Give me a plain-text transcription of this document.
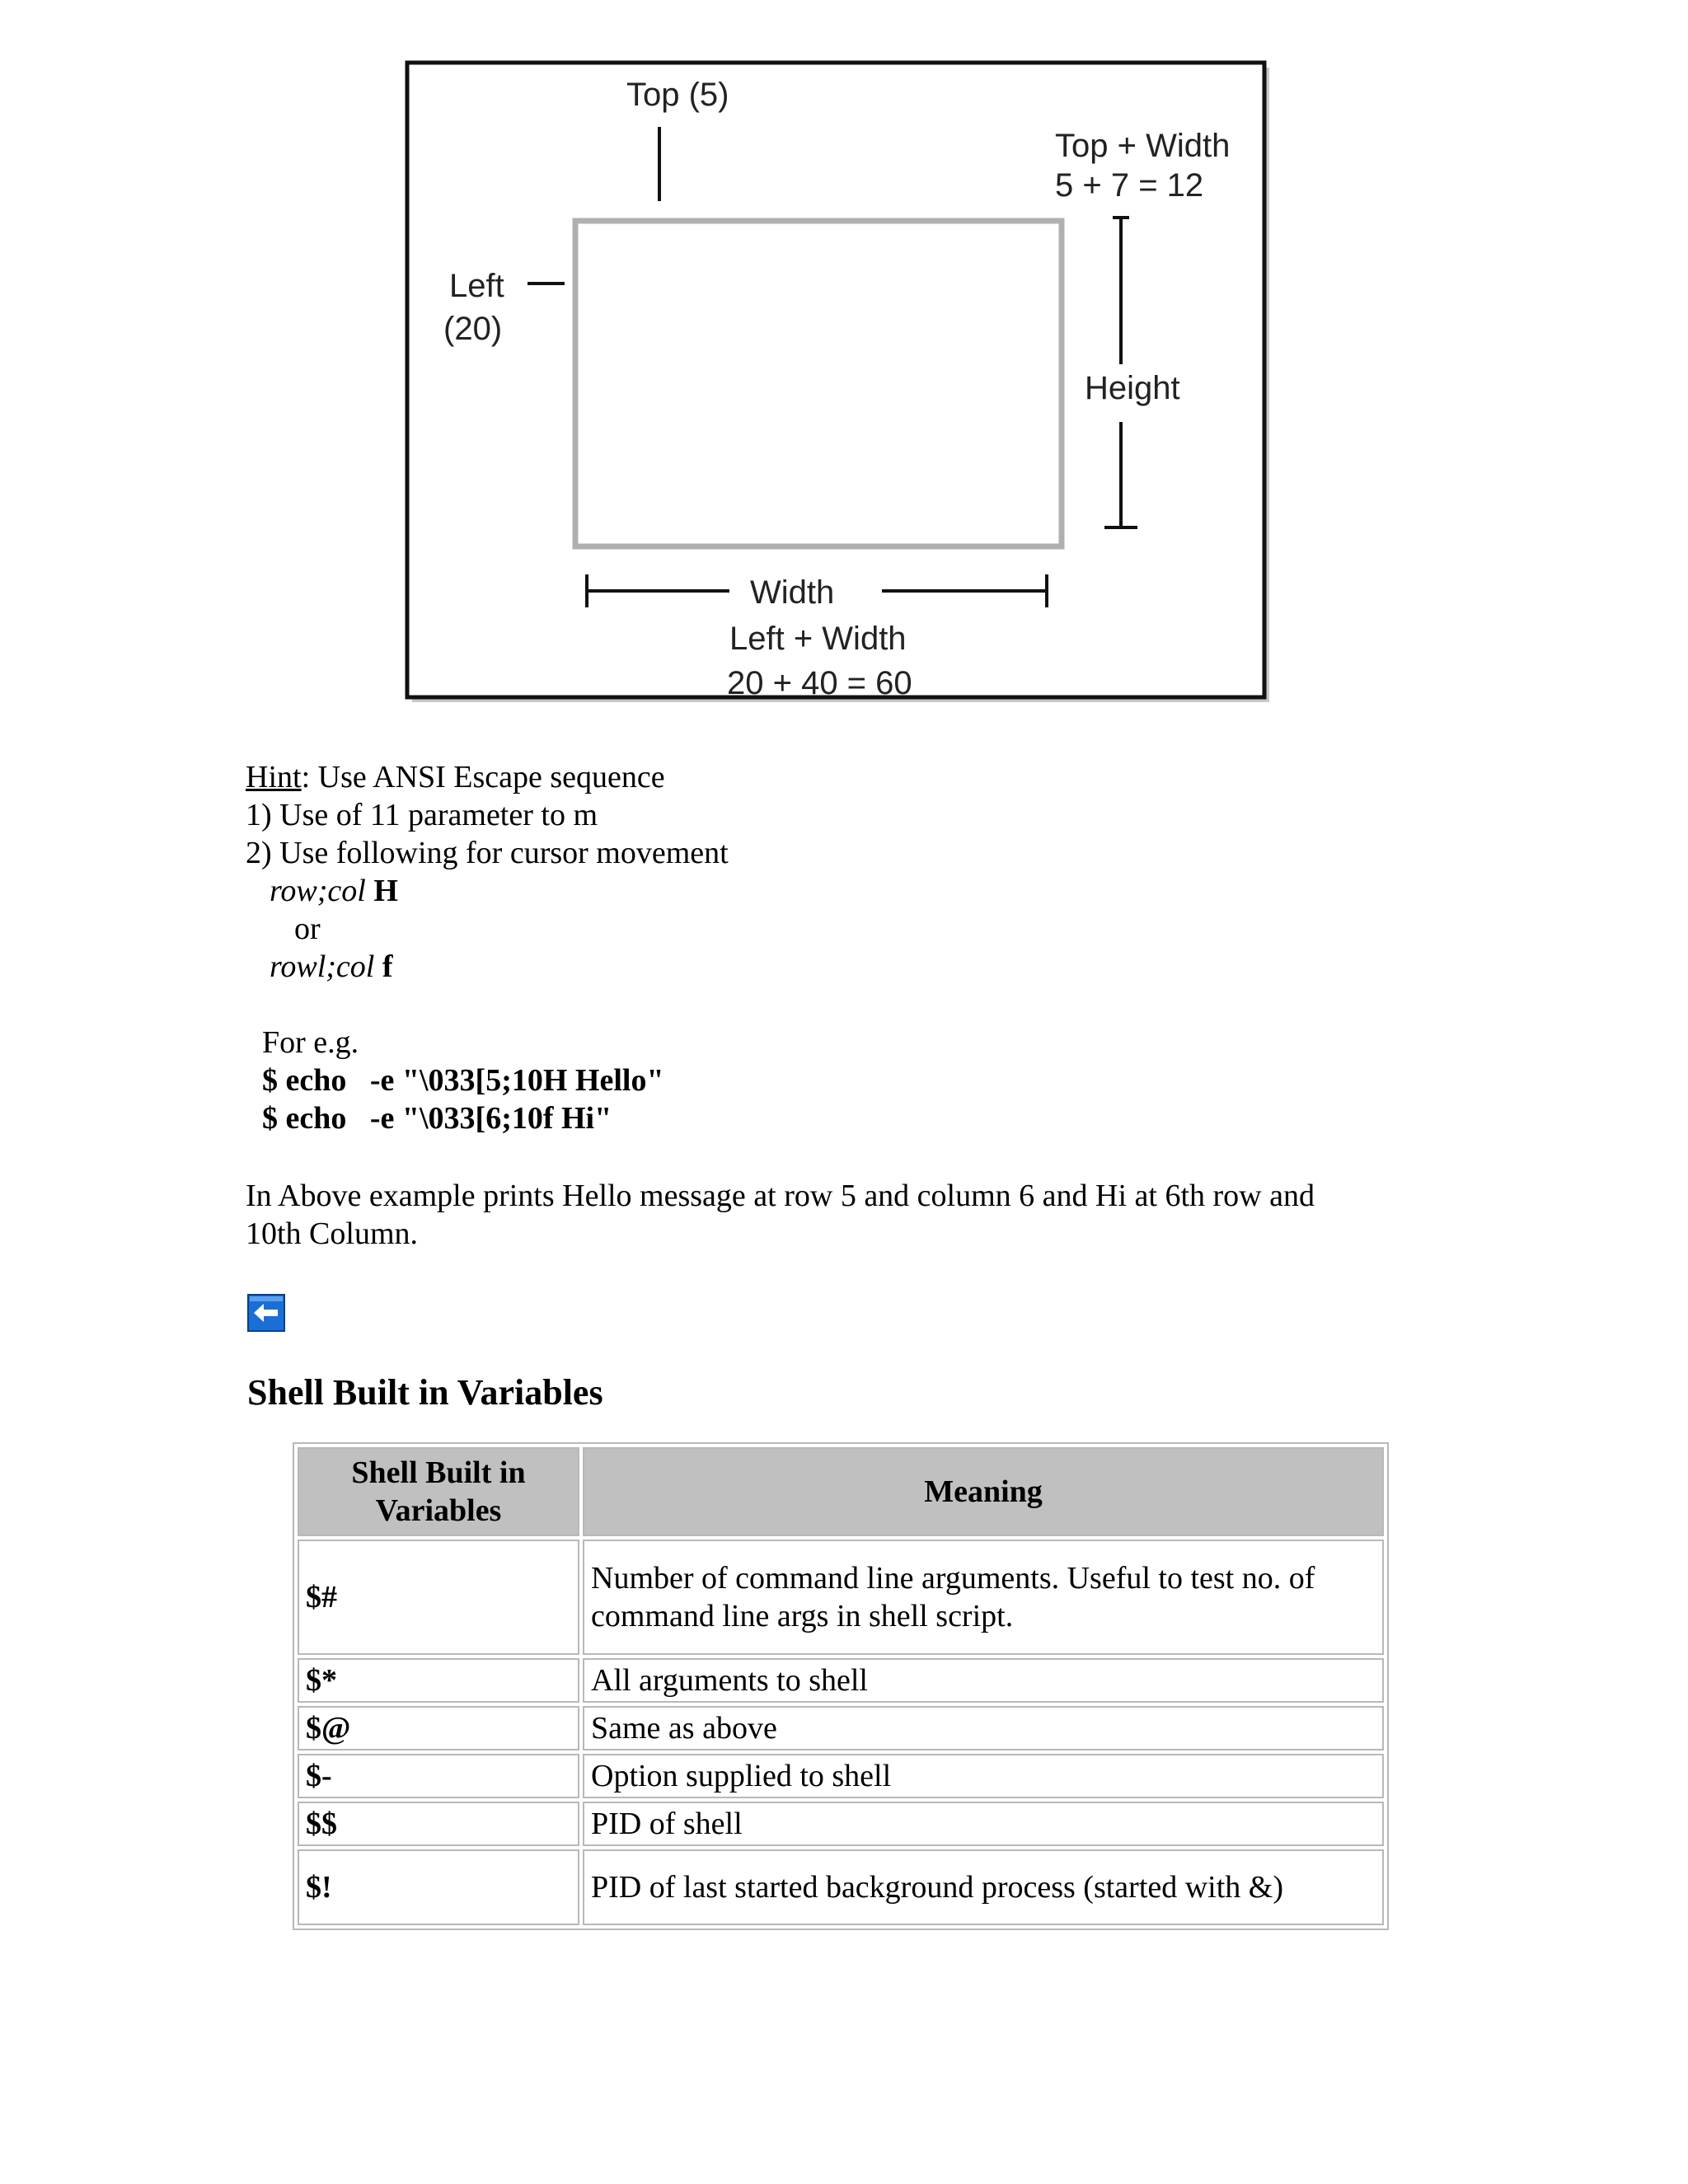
Top (5)
Left
(20)
Top + Width
5 + 7 = 12
Height
Width
Left + Width
20 + 40 = 60
Hint: Use ANSI Escape sequence
1) Use of 11 parameter to m
2) Use following for cursor movement
row;col H
or
rowl;col f
For e.g.
$ echo   -e "\033[5;10H Hello"
$ echo   -e "\033[6;10f Hi"
In Above example prints Hello message at row 5 and column 6 and Hi at 6th row and
10th Column.
Shell Built in Variables
Shell Built in
Variables	Meaning
$#	Number of command line arguments. Useful to test no. of
command line args in shell script.

$*	All arguments to shell
$@	Same as above
$-	Option supplied to shell
$$	PID of shell
$!	PID of last started background process (started with &)
